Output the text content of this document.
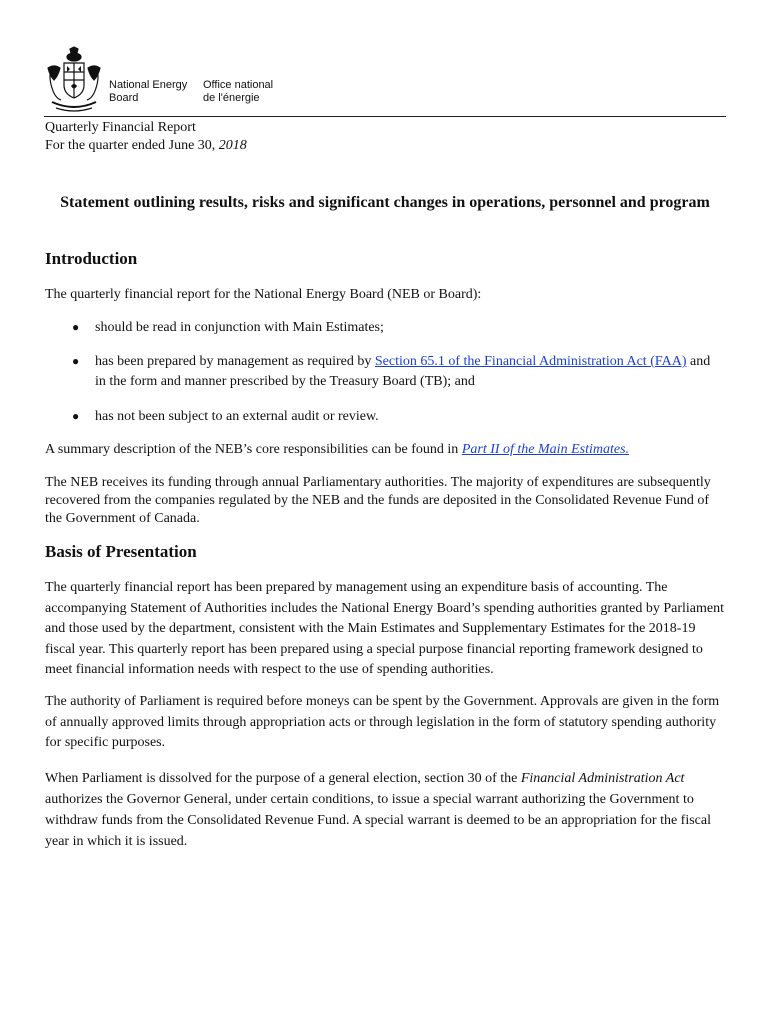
National Energy
Board
Office national
de l'énergie
Quarterly Financial Report
For the quarter ended June 30, 2018
Statement outlining results, risks and significant changes in operations, personnel and program
Introduction
The quarterly financial report for the National Energy Board (NEB or Board):
● should be read in conjunction with Main Estimates;
● has been prepared by management as required by Section 65.1 of the Financial Administration Act (FAA) and in the form and manner prescribed by the Treasury Board (TB); and
● has not been subject to an external audit or review.
A summary description of the NEB’s core responsibilities can be found in Part II of the Main Estimates.
The NEB receives its funding through annual Parliamentary authorities. The majority of expenditures are subsequently recovered from the companies regulated by the NEB and the funds are deposited in the Consolidated Revenue Fund of the Government of Canada.
Basis of Presentation
The quarterly financial report has been prepared by management using an expenditure basis of accounting. The accompanying Statement of Authorities includes the National Energy Board’s spending authorities granted by Parliament and those used by the department, consistent with the Main Estimates and Supplementary Estimates for the 2018-19 fiscal year. This quarterly report has been prepared using a special purpose financial reporting framework designed to meet financial information needs with respect to the use of spending authorities.
The authority of Parliament is required before moneys can be spent by the Government. Approvals are given in the form of annually approved limits through appropriation acts or through legislation in the form of statutory spending authority for specific purposes.
When Parliament is dissolved for the purpose of a general election, section 30 of the Financial Administration Act authorizes the Governor General, under certain conditions, to issue a special warrant authorizing the Government to withdraw funds from the Consolidated Revenue Fund. A special warrant is deemed to be an appropriation for the fiscal year in which it is issued.
